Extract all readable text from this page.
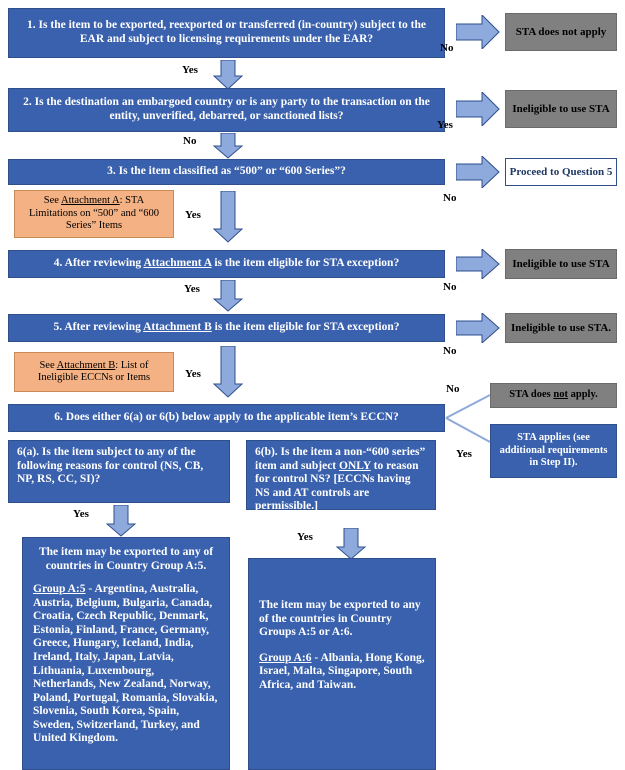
1. Is the item to be exported, reexported or transferred (in-country) subject to the EAR and subject to licensing requirements under the EAR?
No
STA does not apply
Yes
2. Is the destination an embargoed country or is any party to the transaction on the entity, unverified, debarred, or sanctioned lists?
Yes
Ineligible to use STA
No
3. Is the item classified as “500” or “600 Series”?
No
Proceed to Question 5
See Attachment A: STA Limitations on “500” and “600 Series” Items
Yes
4. After reviewing Attachment A is the item eligible for STA exception?
No
Ineligible to use STA
Yes
5. After reviewing Attachment B is the item eligible for STA exception?
No
Ineligible to use STA.
See Attachment B: List of Ineligible ECCNs or Items	Yes
6. Does either 6(a) or 6(b) below apply to the applicable item’s ECCN?
No
Yes
STA does not apply.
STA applies (see additional requirements in Step II).
6(a). Is the item subject to any of the following reasons for control (NS, CB, NP, RS, CC, SI)?
6(b). Is the item a non-“600 series” item and subject ONLY to reason for control NS? [ECCNs having NS and AT controls are permissible.]
Yes
Yes
The item may be exported to any of countries in Country Group A:5.
Group A:5 - Argentina, Australia, Austria, Belgium, Bulgaria, Canada, Croatia, Czech Republic, Denmark, Estonia, Finland, France, Germany, Greece, Hungary, Iceland, India, Ireland, Italy, Japan, Latvia, Lithuania, Luxembourg, Netherlands, New Zealand, Norway, Poland, Portugal, Romania, Slovakia, Slovenia, South Korea, Spain, Sweden, Switzerland, Turkey, and United Kingdom.
The item may be exported to any of the countries in Country Groups A:5 or A:6.
Group A:6 - Albania, Hong Kong, Israel, Malta, Singapore, South Africa, and Taiwan.
